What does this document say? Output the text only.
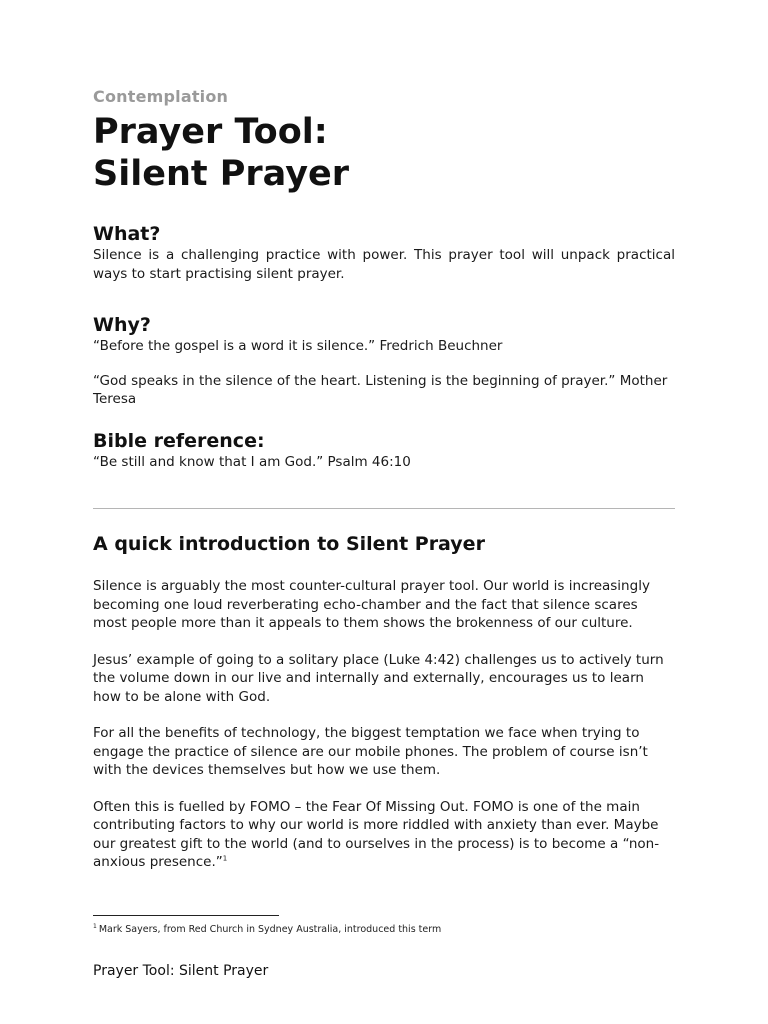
Contemplation
Prayer Tool:
Silent Prayer
What?

Silence is a challenging practice with power. This prayer tool will unpack practical ways to start practising silent prayer.

Why?

“Before the gospel is a word it is silence.” Fredrich Beuchner

“God speaks in the silence of the heart. Listening is the beginning of prayer.” Mother Teresa

Bible reference:

“Be still and know that I am God.” Psalm 46:10

A quick introduction to Silent Prayer

Silence is arguably the most counter-cultural prayer tool. Our world is increasingly becoming one loud reverberating echo-chamber and the fact that silence scares most people more than it appeals to them shows the brokenness of our culture.

Jesus’ example of going to a solitary place (Luke 4:42) challenges us to actively turn the volume down in our live and internally and externally, encourages us to learn how to be alone with God.

For all the benefits of technology, the biggest temptation we face when trying to engage the practice of silence are our mobile phones. The problem of course isn’t with the devices themselves but how we use them.

Often this is fuelled by FOMO – the Fear Of Missing Out. FOMO is one of the main contributing factors to why our world is more riddled with anxiety than ever. Maybe our greatest gift to the world (and to ourselves in the process) is to become a “non-anxious presence.”$^1$

$^1$ Mark Sayers, from Red Church in Sydney Australia, introduced this term
Prayer Tool: Silent Prayer
